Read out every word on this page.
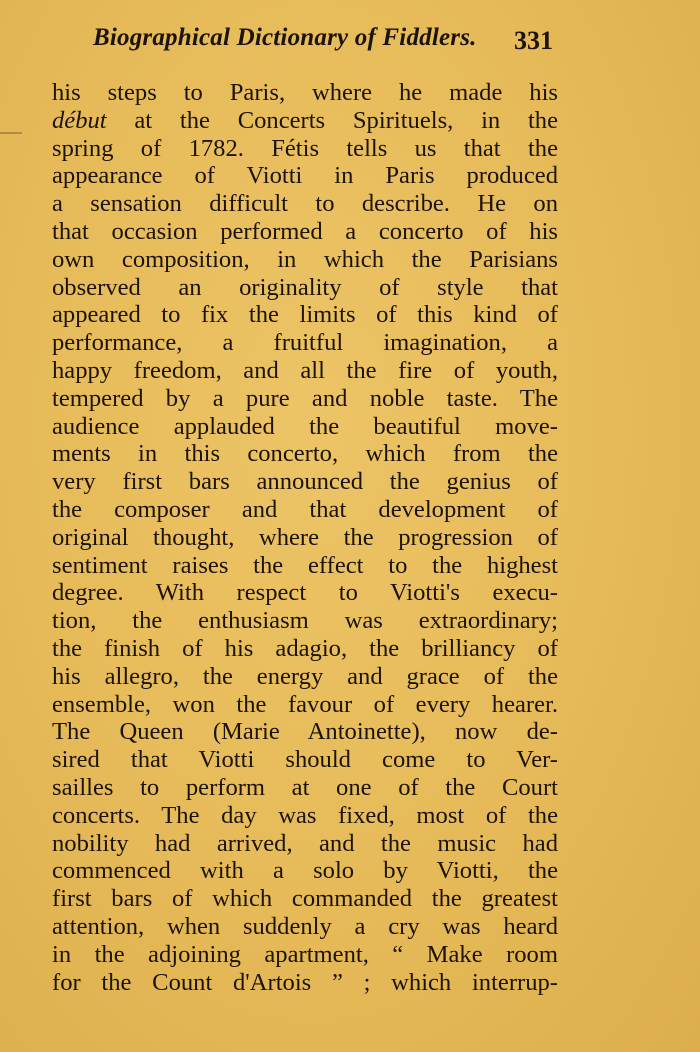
Biographical Dictionary of Fiddlers. 331
his steps to Paris, where he made his
début at the Concerts Spirituels, in the
spring of 1782. Fétis tells us that the
appearance of Viotti in Paris produced
a sensation difficult to describe. He on
that occasion performed a concerto of his
own composition, in which the Parisians
observed an originality of style that
appeared to fix the limits of this kind of
performance, a fruitful imagination, a
happy freedom, and all the fire of youth,
tempered by a pure and noble taste. The
audience applauded the beautiful move-
ments in this concerto, which from the
very first bars announced the genius of
the composer and that development of
original thought, where the progression of
sentiment raises the effect to the highest
degree. With respect to Viotti's execu-
tion, the enthusiasm was extraordinary;
the finish of his adagio, the brilliancy of
his allegro, the energy and grace of the
ensemble, won the favour of every hearer.
The Queen (Marie Antoinette), now de-
sired that Viotti should come to Ver-
sailles to perform at one of the Court
concerts. The day was fixed, most of the
nobility had arrived, and the music had
commenced with a solo by Viotti, the
first bars of which commanded the greatest
attention, when suddenly a cry was heard
in the adjoining apartment, “ Make room
for the Count d'Artois ” ; which interrup-
